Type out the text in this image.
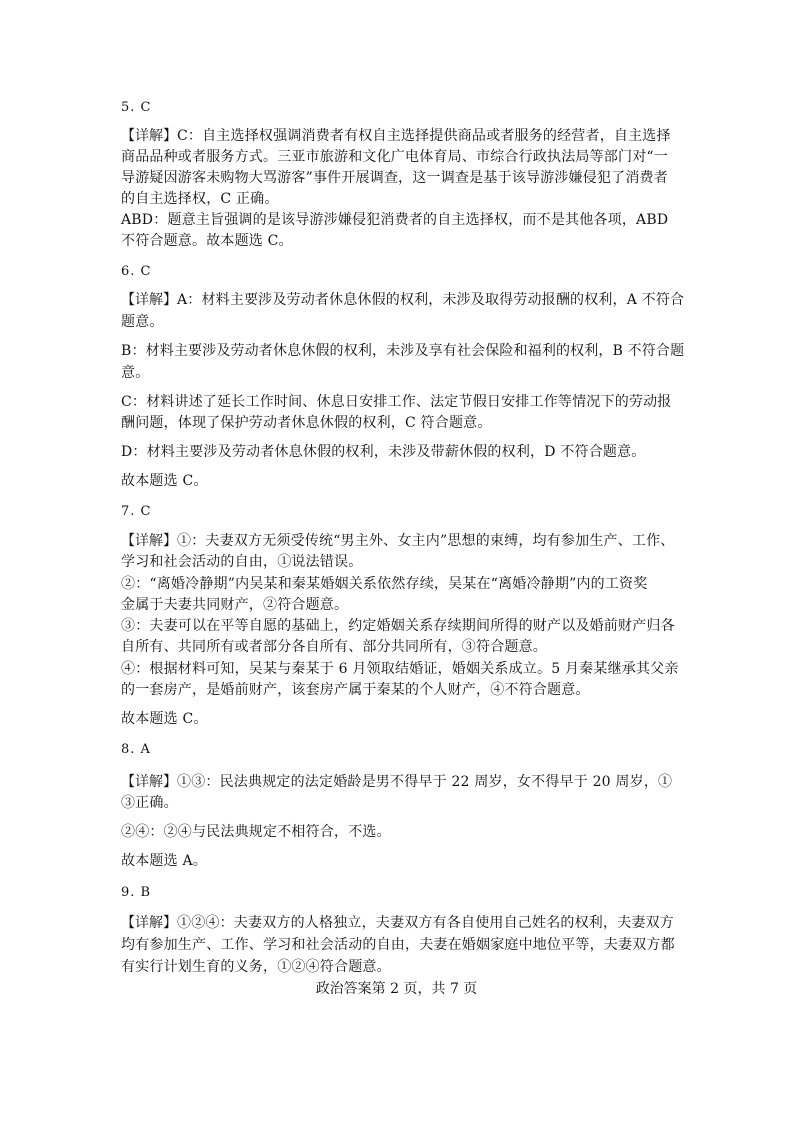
5. C
【详解】C：自主选择权强调消费者有权自主选择提供商品或者服务的经营者，自主选择
商品品种或者服务方式。三亚市旅游和文化广电体育局、市综合行政执法局等部门对“一
导游疑因游客未购物大骂游客”事件开展调查，这一调查是基于该导游涉嫌侵犯了消费者
的自主选择权，C 正确。
ABD：题意主旨强调的是该导游涉嫌侵犯消费者的自主选择权，而不是其他各项，ABD
不符合题意。故本题选 C。
6. C
【详解】A：材料主要涉及劳动者休息休假的权利，未涉及取得劳动报酬的权利，A 不符合
题意。
B：材料主要涉及劳动者休息休假的权利，未涉及享有社会保险和福利的权利，B 不符合题
意。
C：材料讲述了延长工作时间、休息日安排工作、法定节假日安排工作等情况下的劳动报
酬问题，体现了保护劳动者休息休假的权利，C 符合题意。
D：材料主要涉及劳动者休息休假的权利，未涉及带薪休假的权利，D 不符合题意。
故本题选 C。
7. C
【详解】①：夫妻双方无须受传统“男主外、女主内”思想的束缚，均有参加生产、工作、
学习和社会活动的自由，①说法错误。
②：“离婚冷静期”内吴某和秦某婚姻关系依然存续，吴某在“离婚冷静期”内的工资奖
金属于夫妻共同财产，②符合题意。
③：夫妻可以在平等自愿的基础上，约定婚姻关系存续期间所得的财产以及婚前财产归各
自所有、共同所有或者部分各自所有、部分共同所有，③符合题意。
④：根据材料可知，吴某与秦某于 6 月领取结婚证，婚姻关系成立。5 月秦某继承其父亲
的一套房产，是婚前财产，该套房产属于秦某的个人财产，④不符合题意。
故本题选 C。
8. A
【详解】①③：民法典规定的法定婚龄是男不得早于 22 周岁，女不得早于 20 周岁，①
③正确。
②④：②④与民法典规定不相符合，不选。
故本题选 A。
9. B
【详解】①②④：夫妻双方的人格独立，夫妻双方有各自使用自己姓名的权利，夫妻双方
均有参加生产、工作、学习和社会活动的自由，夫妻在婚姻家庭中地位平等，夫妻双方都
有实行计划生育的义务，①②④符合题意。
政治答案第 2 页，共 7 页
